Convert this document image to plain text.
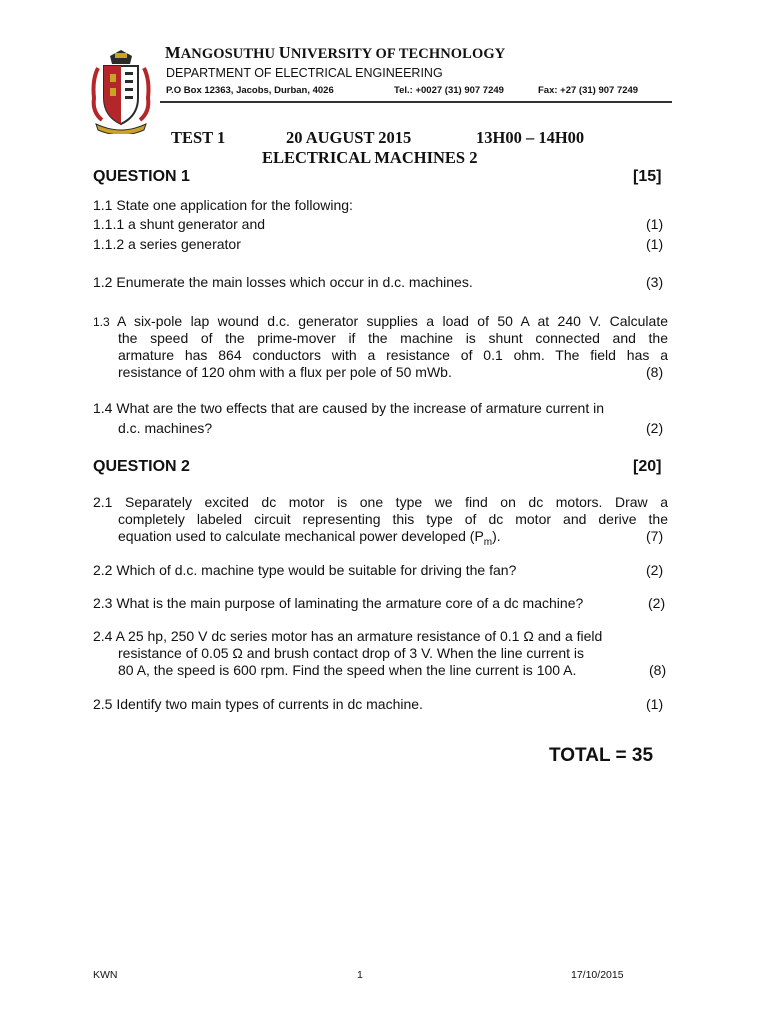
MANGOSUTHU UNIVERSITY OF TECHNOLOGY
DEPARTMENT OF ELECTRICAL ENGINEERING
P.O Box 12363, Jacobs, Durban, 4026	Tel.: +0027 (31) 907 7249	Fax: +27 (31) 907 7249
TEST 1	20 AUGUST 2015	13H00 – 14H00
ELECTRICAL MACHINES 2
QUESTION 1	[15]
1.1 State one application for the following:
1.1.1 a shunt generator and	(1)
1.1.2 a series generator	(1)
1.2 Enumerate the main losses which occur in d.c. machines.	(3)
1.3 A six-pole lap wound d.c. generator supplies a load of 50 A at 240 V. Calculate
the speed of the prime-mover if the machine is shunt connected and the
armature has 864 conductors with a resistance of 0.1 ohm. The field has a
resistance of 120 ohm with a flux per pole of 50 mWb.	(8)
1.4 What are the two effects that are caused by the increase of armature current in
d.c. machines?	(2)
QUESTION 2	[20]
2.1 Separately excited dc motor is one type we find on dc motors. Draw a
completely labeled circuit representing this type of dc motor and derive the
equation used to calculate mechanical power developed $(P_m)$.	(7)
2.2 Which of d.c. machine type would be suitable for driving the fan?	(2)
2.3 What is the main purpose of laminating the armature core of a dc machine?	(2)
2.4 A 25 hp, 250 V dc series motor has an armature resistance of 0.1 Ω and a field
resistance of 0.05 Ω and brush contact drop of 3 V. When the line current is
80 A, the speed is 600 rpm. Find the speed when the line current is 100 A.	(8)
2.5 Identify two main types of currents in dc machine.	(1)
TOTAL = 35
KWN	1	17/10/2015
